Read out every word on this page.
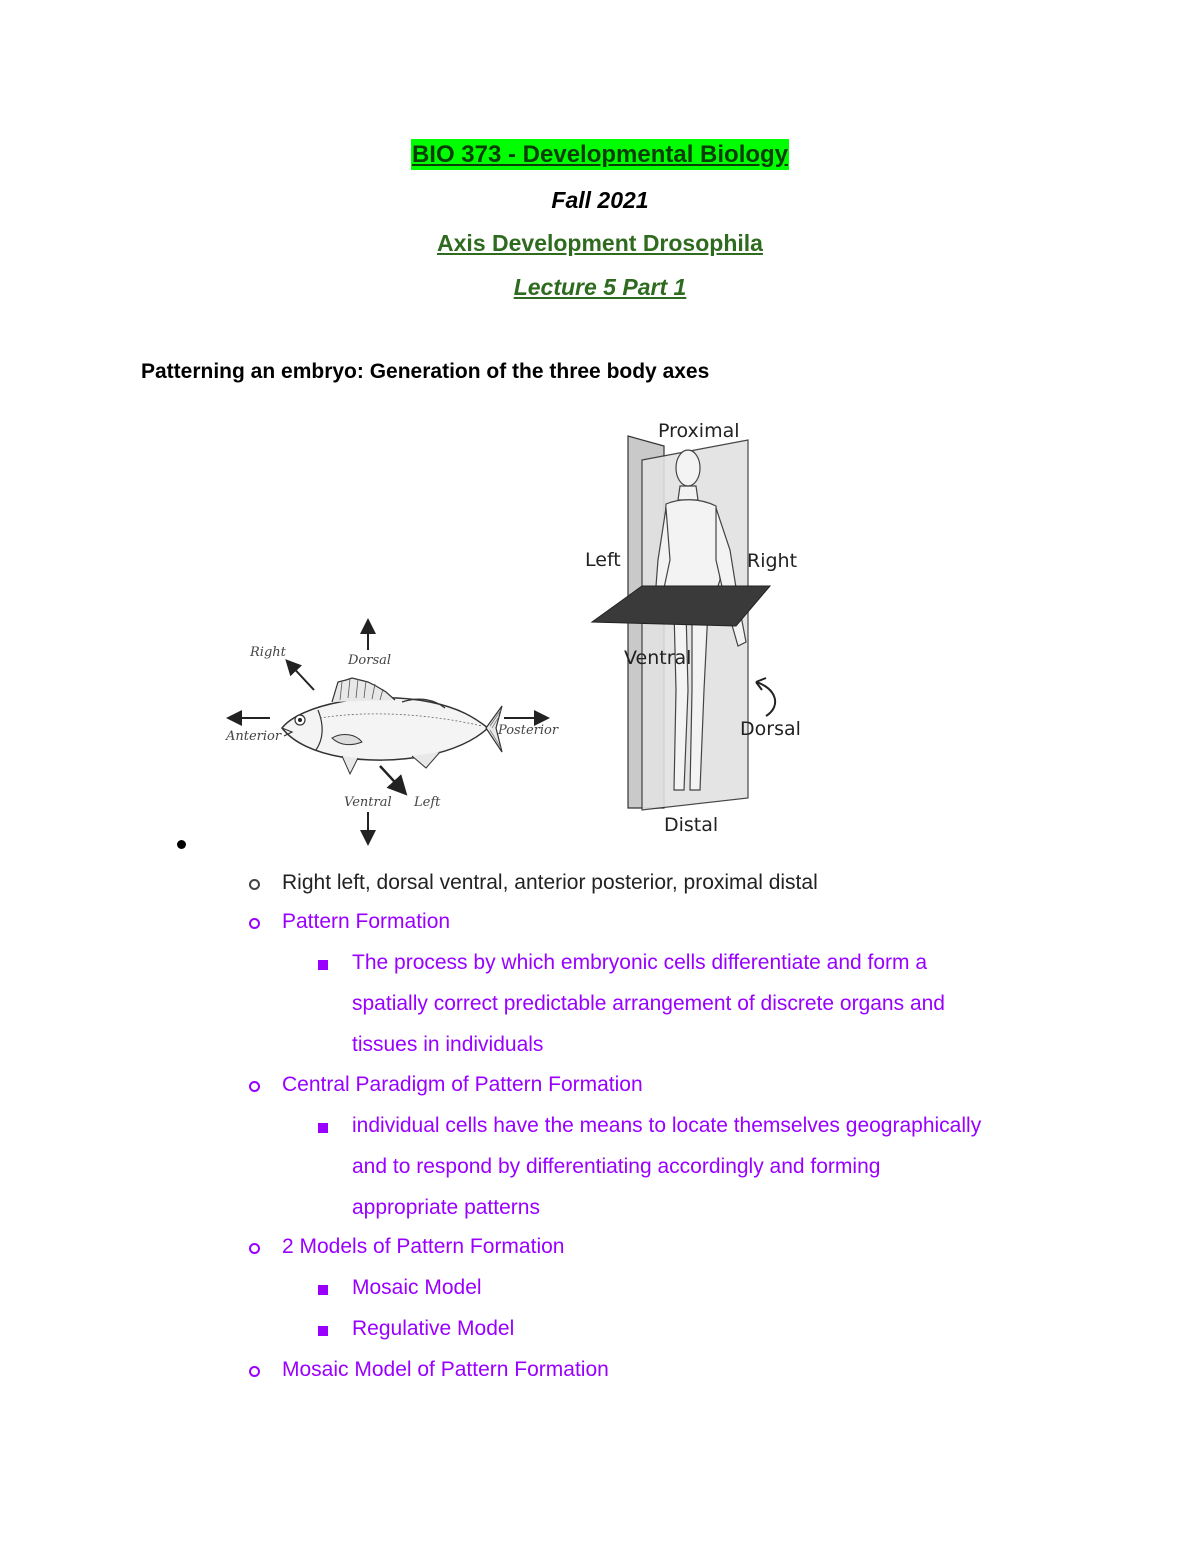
BIO 373 - Developmental Biology
Fall 2021
Axis Development Drosophila
Lecture 5 Part 1
Patterning an embryo: Generation of the three body axes
Right
Dorsal
Anterior	Posterior
Ventral Left
Proximal
Left	Right
Ventral
Dorsal
Distal
Right left, dorsal ventral, anterior posterior, proximal distal
Pattern Formation
The process by which embryonic cells differentiate and form a
spatially correct predictable arrangement of discrete organs and
tissues in individuals
Central Paradigm of Pattern Formation
individual cells have the means to locate themselves geographically
and to respond by differentiating accordingly and forming
appropriate patterns
2 Models of Pattern Formation
Mosaic Model
Regulative Model
Mosaic Model of Pattern Formation
